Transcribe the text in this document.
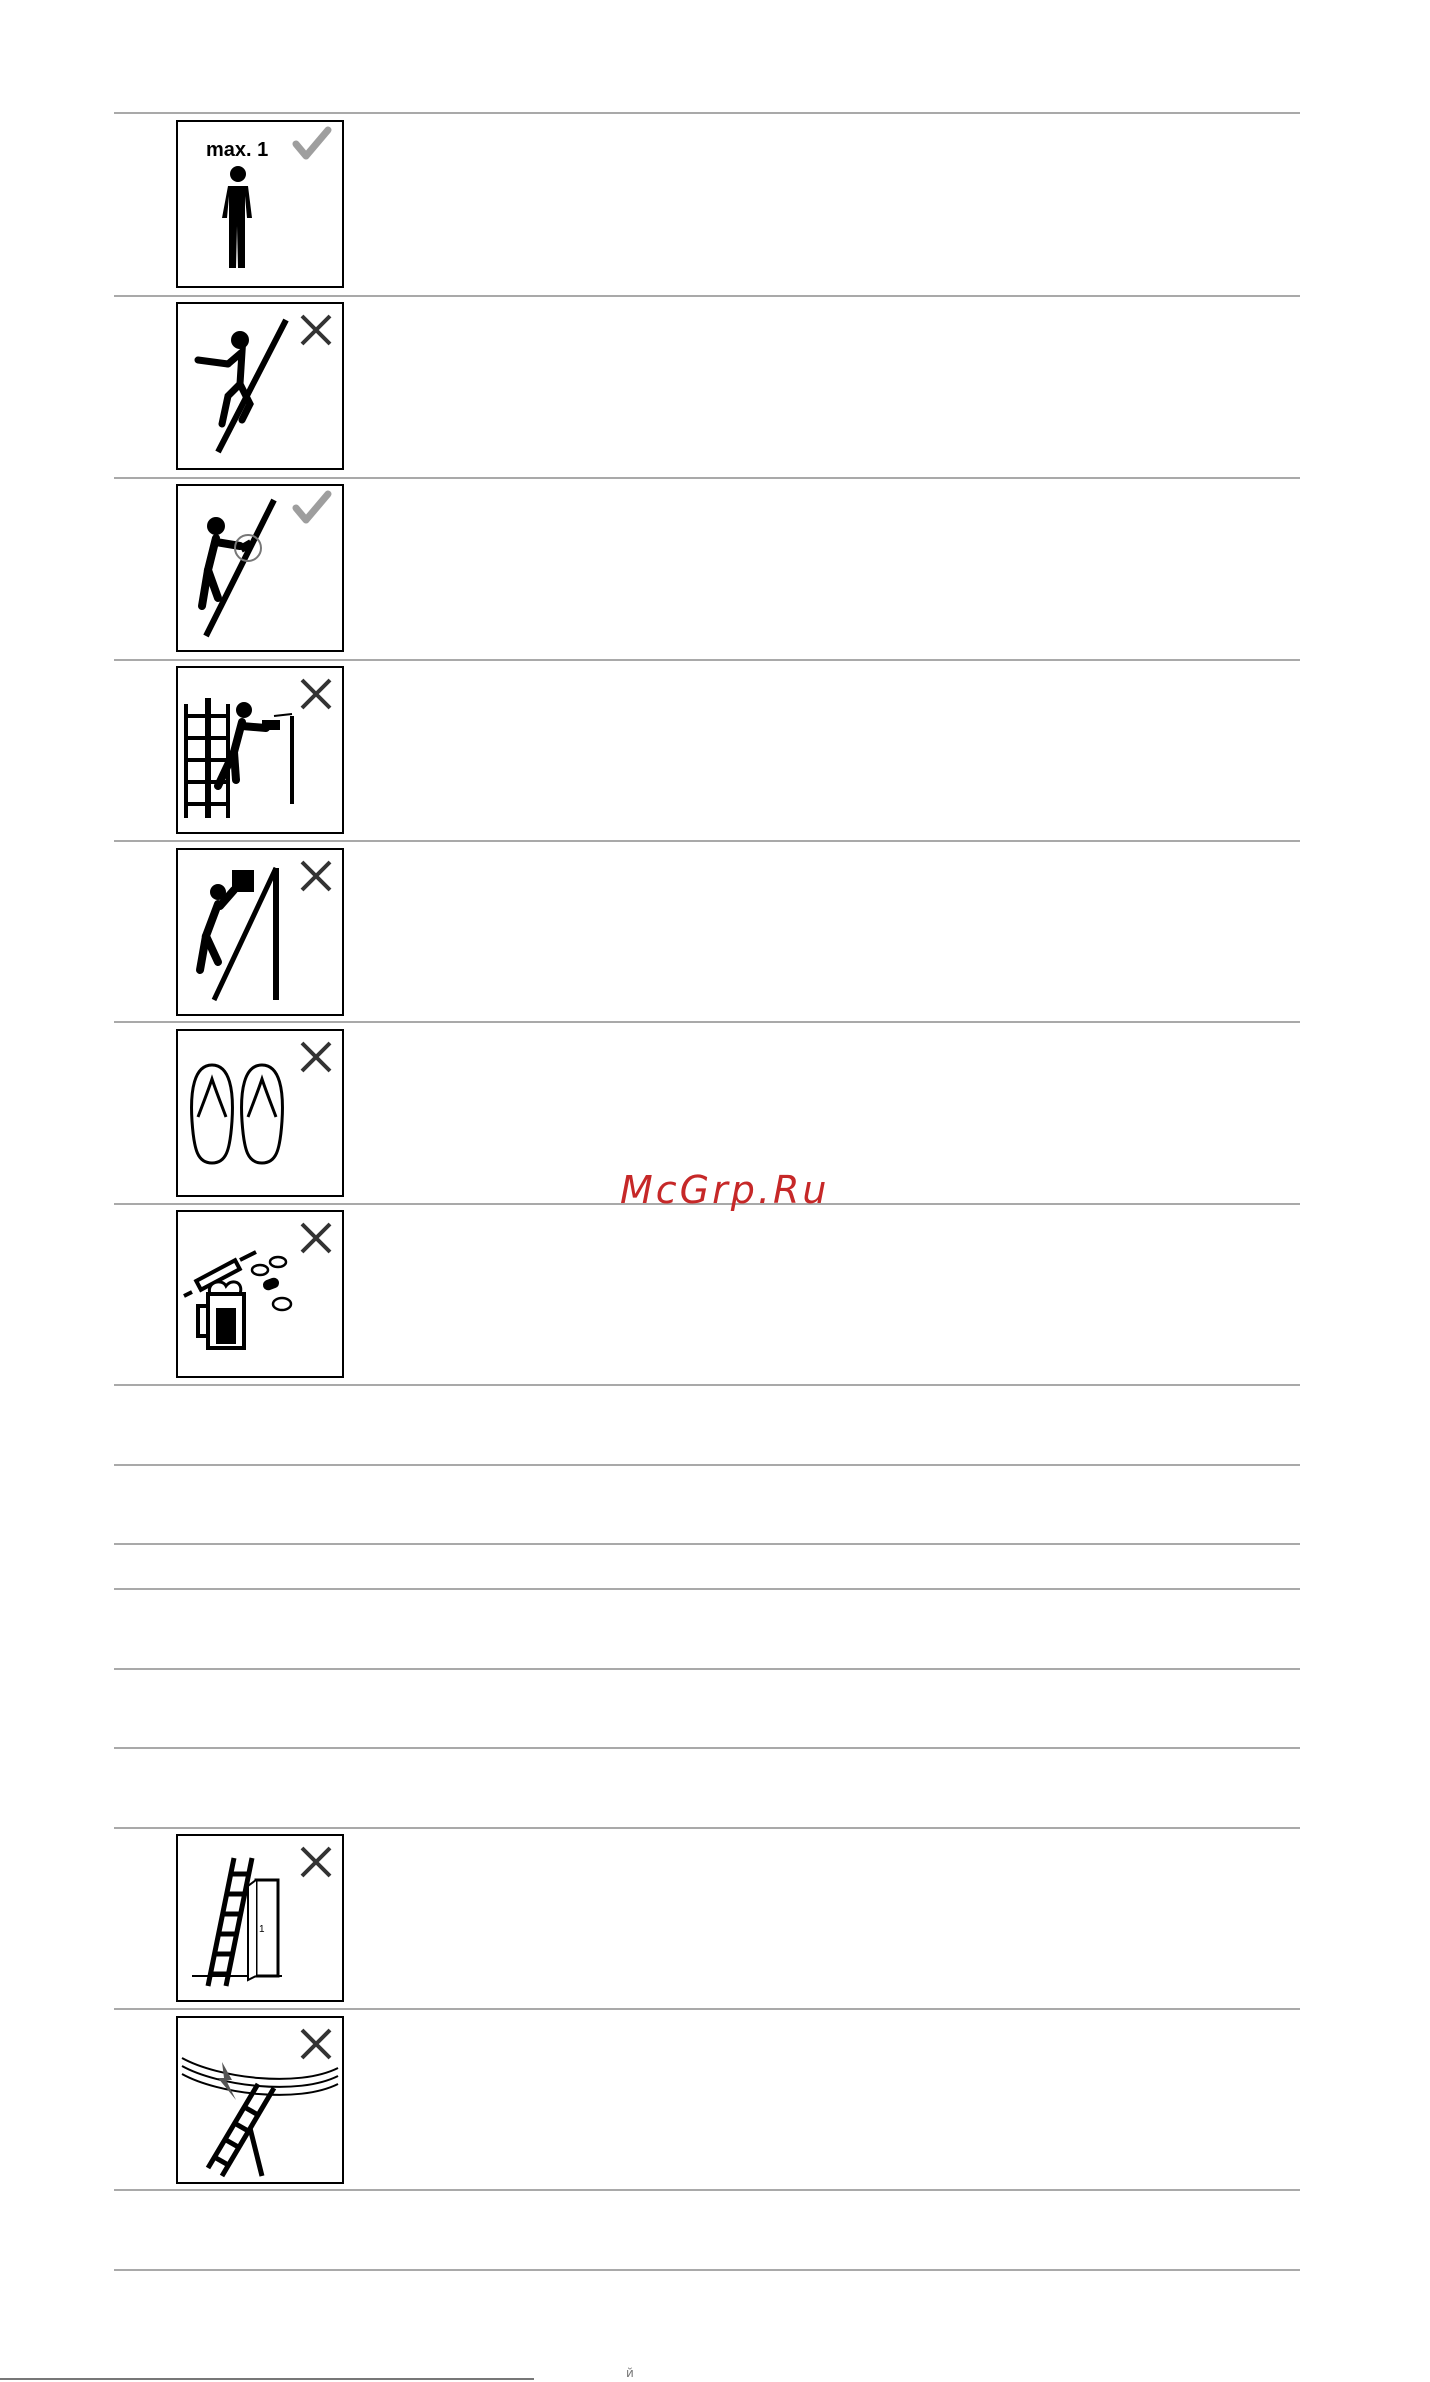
max. 1
1
McGrp.Ru
й
